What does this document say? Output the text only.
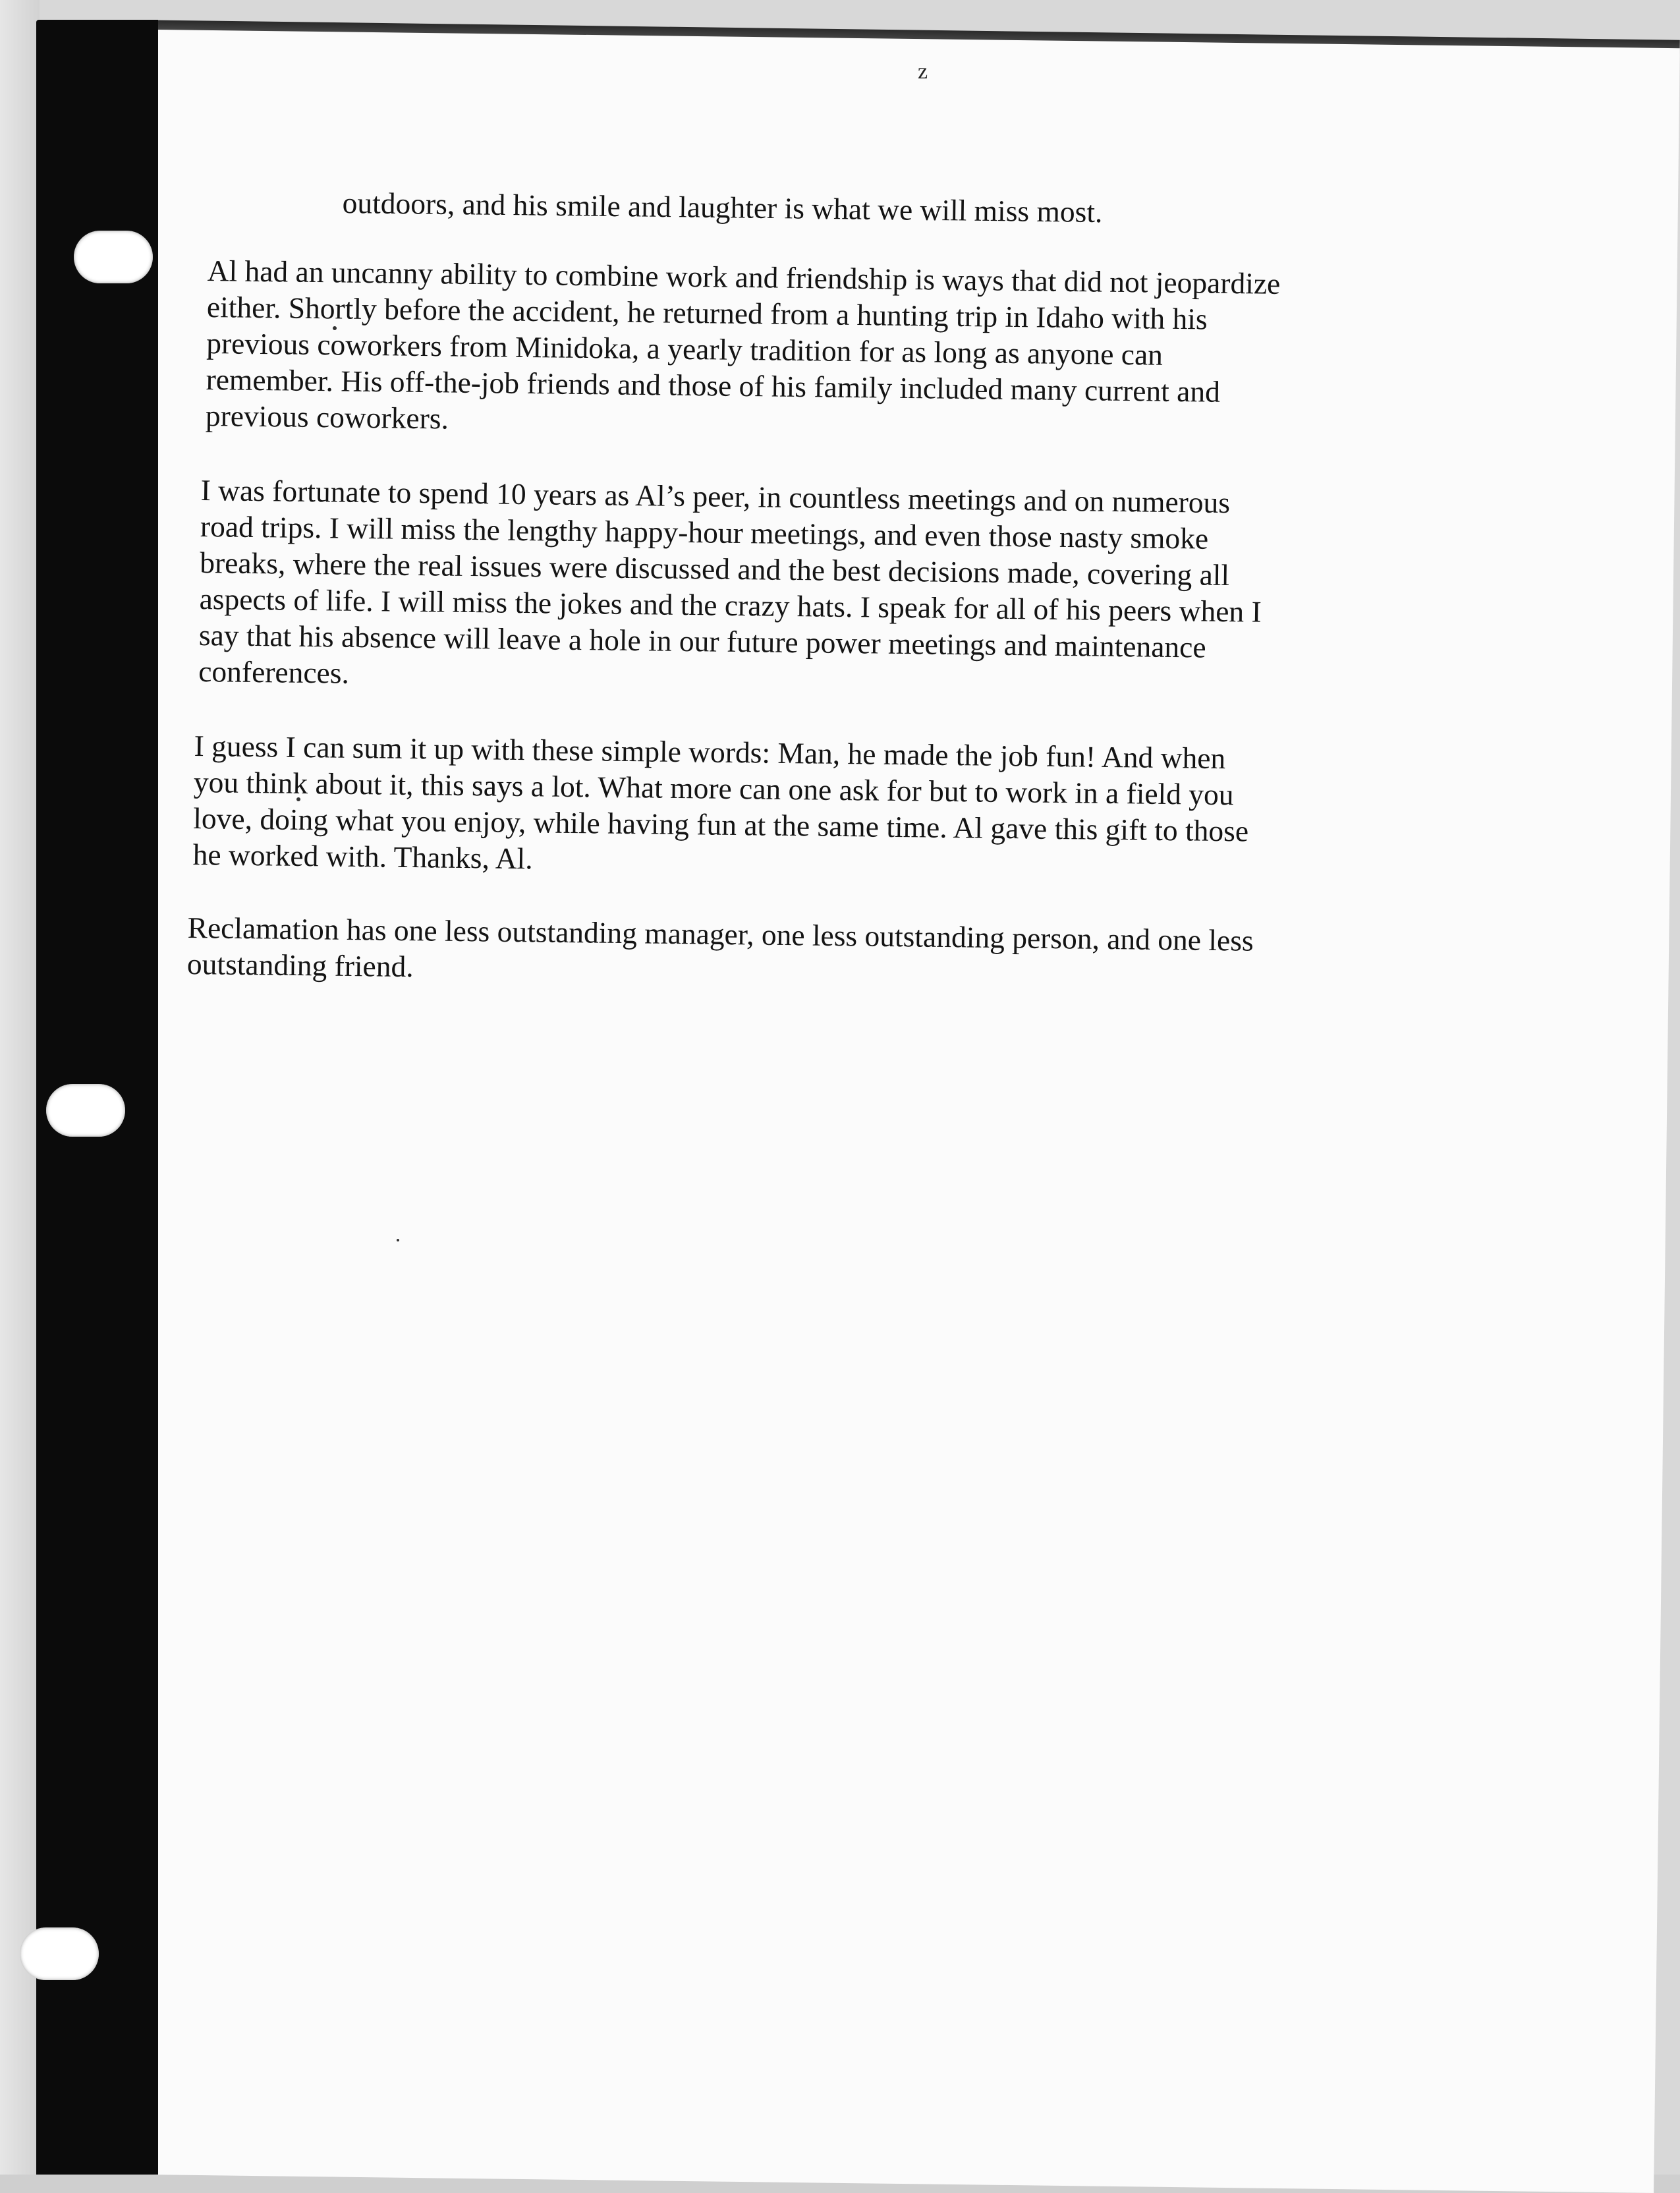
z

outdoors, and his smile and laughter is what we will miss most.

Al had an uncanny ability to combine work and friendship is ways that did not jeopardize
either. Shortly before the accident, he returned from a hunting trip in Idaho with his
previous coworkers from Minidoka, a yearly tradition for as long as anyone can
remember. His off-the-job friends and those of his family included many current and
previous coworkers.

I was fortunate to spend 10 years as Al’s peer, in countless meetings and on numerous
road trips. I will miss the lengthy happy-hour meetings, and even those nasty smoke
breaks, where the real issues were discussed and the best decisions made, covering all
aspects of life. I will miss the jokes and the crazy hats. I speak for all of his peers when I
say that his absence will leave a hole in our future power meetings and maintenance
conferences.

I guess I can sum it up with these simple words: Man, he made the job fun! And when
you think about it, this says a lot. What more can one ask for but to work in a field you
love, doing what you enjoy, while having fun at the same time. Al gave this gift to those
he worked with. Thanks, Al.

Reclamation has one less outstanding manager, one less outstanding person, and one less
outstanding friend.
